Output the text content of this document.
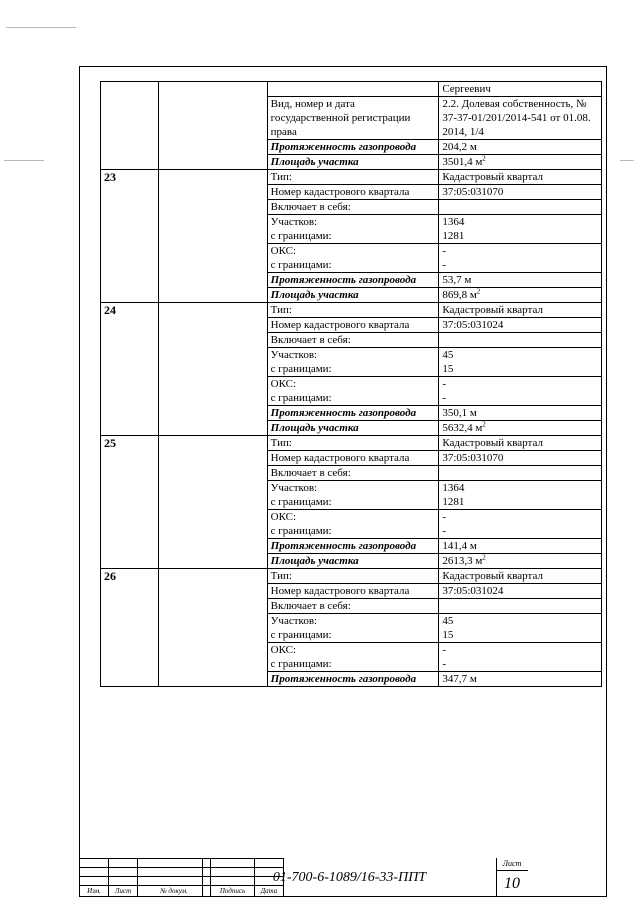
			Сергеевич
		Вид, номер и дата государственной регистрации права	2.2. Долевая собственность, № 37-37-01/201/2014-541 от 01.08. 2014, 1/4
		Протяженность газопровода	204,2 м
		Площадь участка	3501,4 $м^2$
23		Тип:	Кадастровый квартал
		Номер кадастрового квартала	37:05:031070
		Включает в себя:	
		Участков:	1364
		с границами:	1281
		ОКС:	-
		с границами:	-
		Протяженность газопровода	53,7 м
		Площадь участка	869,8 $м^2$
24		Тип:	Кадастровый квартал
		Номер кадастрового квартала	37:05:031024
		Включает в себя:	
		Участков:	45
		с границами:	15
		ОКС:	-
		с границами:	-
		Протяженность газопровода	350,1 м
		Площадь участка	5632,4 $м^2$
25		Тип:	Кадастровый квартал
		Номер кадастрового квартала	37:05:031070
		Включает в себя:	
		Участков:	1364
		с границами:	1281
		ОКС:	-
		с границами:	-
		Протяженность газопровода	141,4 м
		Площадь участка	2613,3 $м^2$
26		Тип:	Кадастровый квартал
		Номер кадастрового квартала	37:05:031024
		Включает в себя:	
		Участков:	45
		с границами:	15
		ОКС:	-
		с границами:	-
		Протяженность газопровода	347,7 м

Изм.	Лист	№ докум.	Подпись	Дата
01-700-6-1089/16-33-ППТ
Лист
10
